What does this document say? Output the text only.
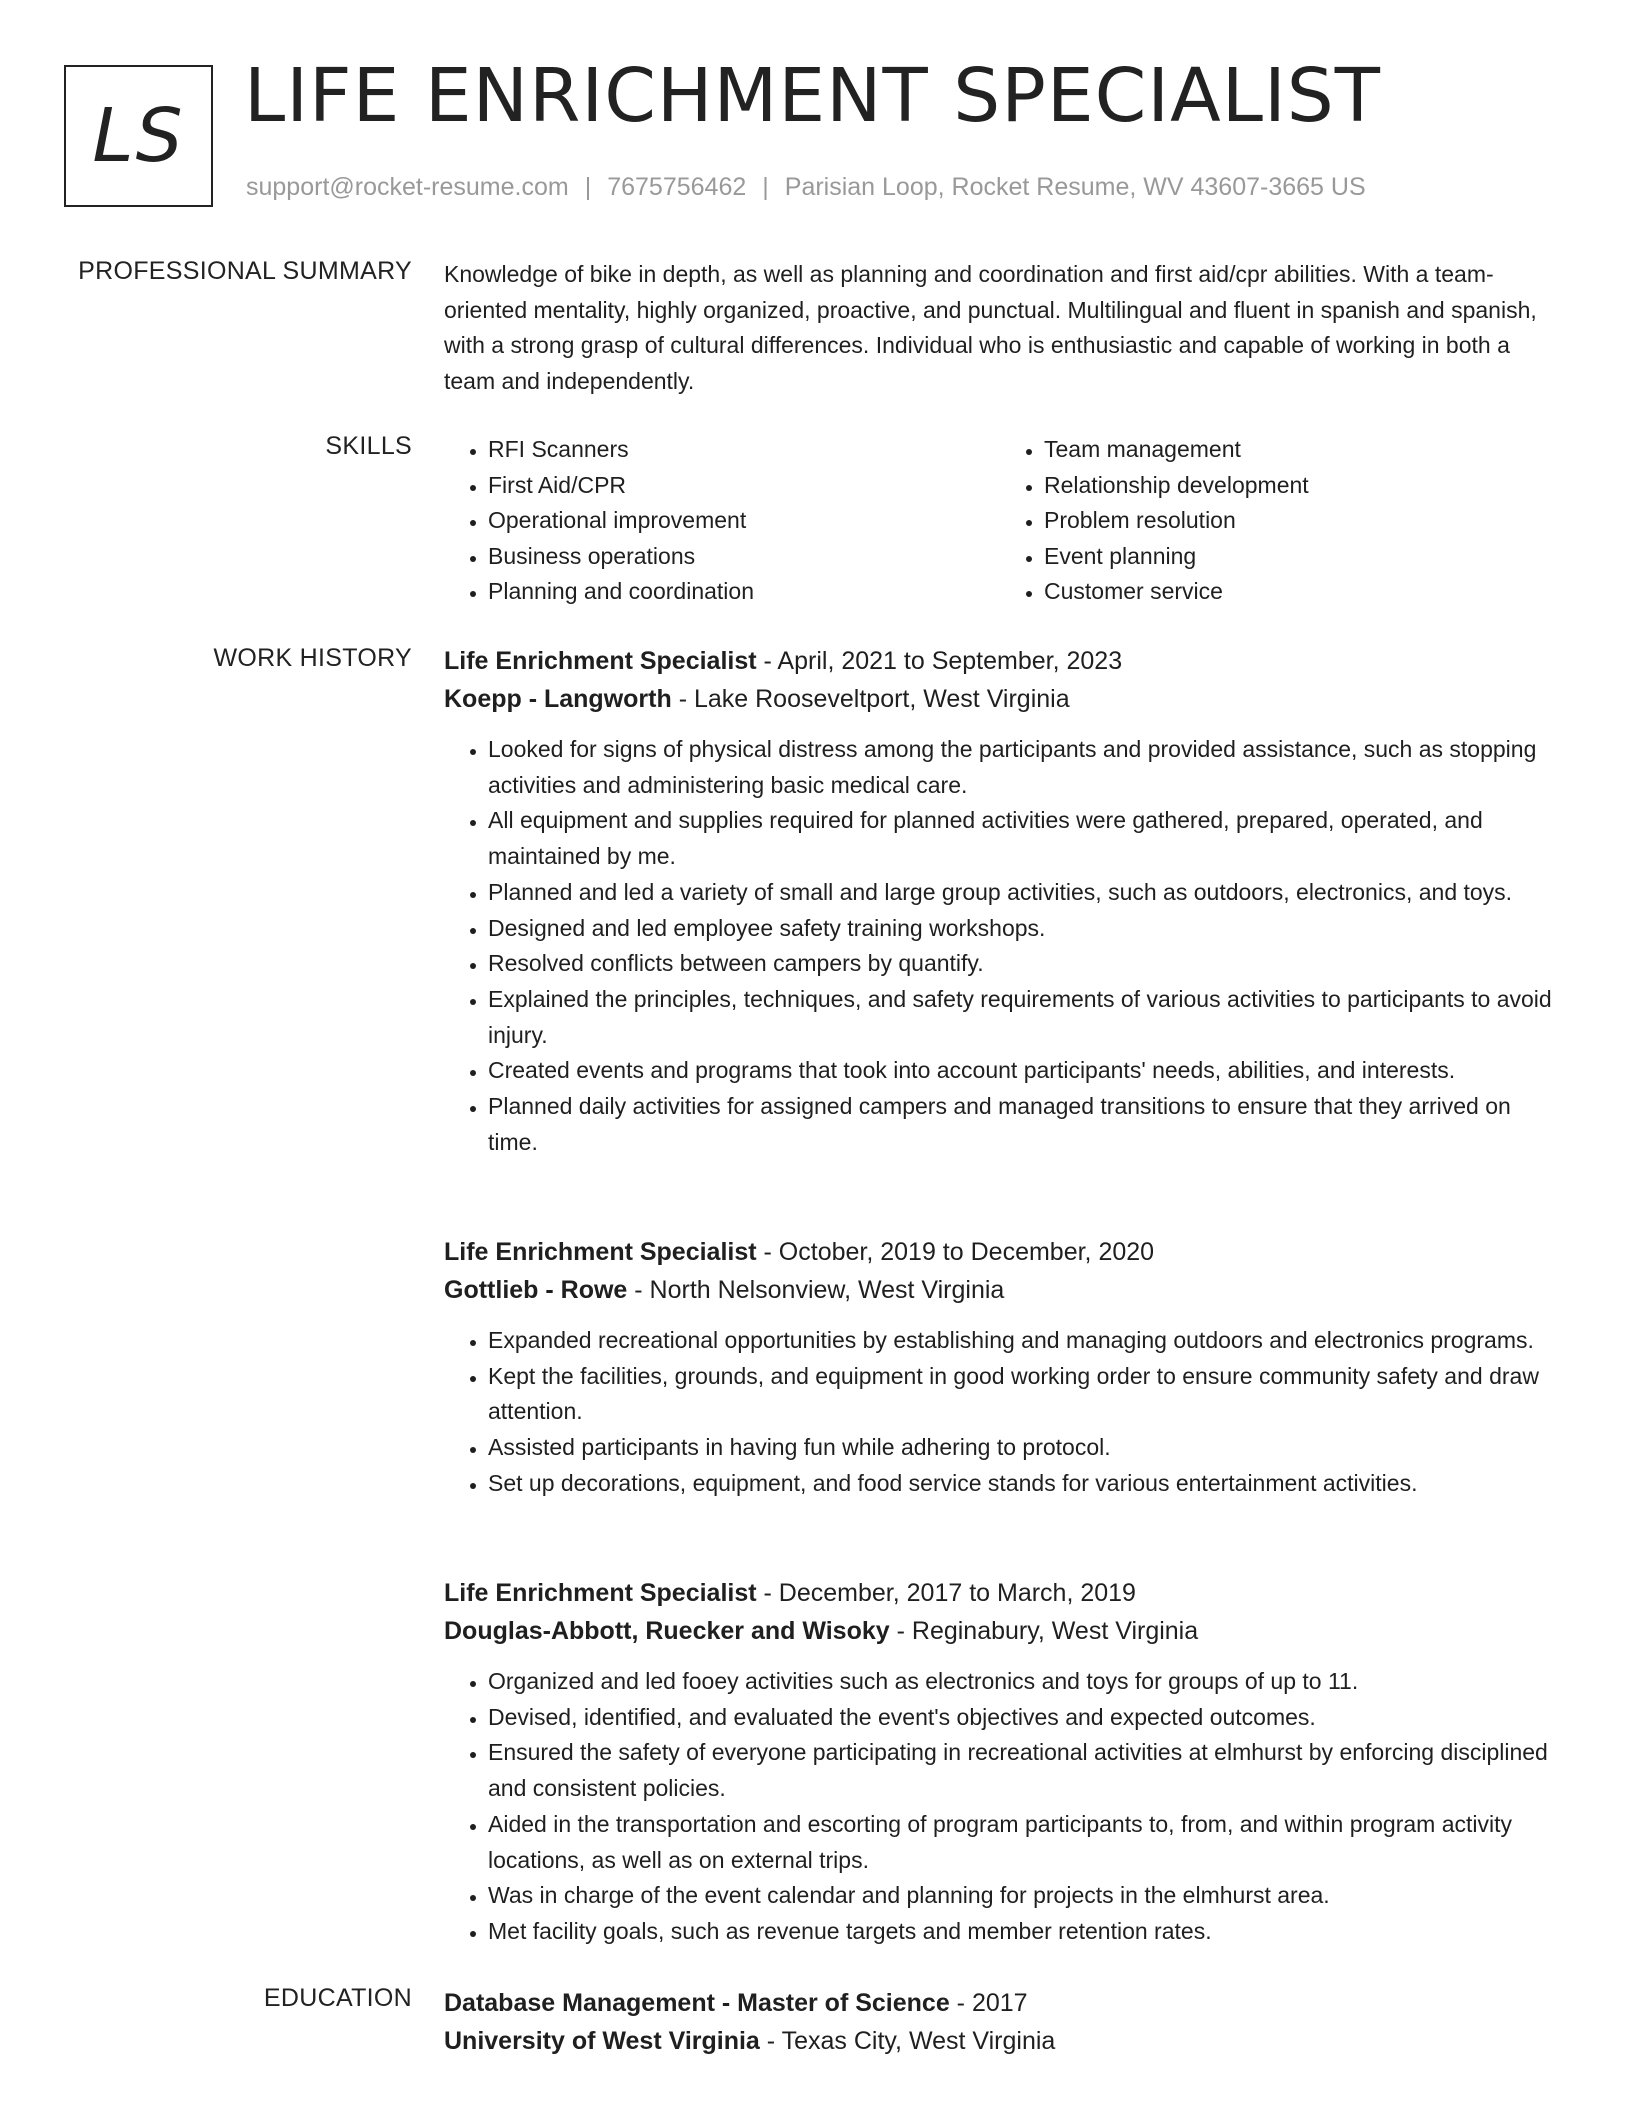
LS LIFE ENRICHMENT SPECIALIST
support@rocket-resume.com | 7675756462 | Parisian Loop, Rocket Resume, WV 43607-3665 US
PROFESSIONAL SUMMARY Knowledge of bike in depth, as well as planning and coordination and first aid/cpr abilities. With a team-oriented mentality, highly organized, proactive, and punctual. Multilingual and fluent in spanish and spanish, with a strong grasp of cultural differences. Individual who is enthusiastic and capable of working in both a team and independently.

SKILLS
•	RFI Scanners
• First Aid/CPR
• Operational improvement
• Business operations
• Planning and coordination
• Team management
• Relationship development
• Problem resolution
• Event planning
• Customer service
WORK HISTORY Life Enrichment Specialist - April, 2021 to September, 2023
Koepp - Langworth - Lake Rooseveltport, West Virginia
• Looked for signs of physical distress among the participants and provided assistance, such as stopping activities and administering basic medical care.
• All equipment and supplies required for planned activities were gathered, prepared, operated, and maintained by me.
• Planned and led a variety of small and large group activities, such as outdoors, electronics, and toys.
• Designed and led employee safety training workshops.
• Resolved conflicts between campers by quantify.
• Explained the principles, techniques, and safety requirements of various activities to participants to avoid injury.
• Created events and programs that took into account participants' needs, abilities, and interests.
• Planned daily activities for assigned campers and managed transitions to ensure that they arrived on time.
Life Enrichment Specialist - October, 2019 to December, 2020
Gottlieb - Rowe - North Nelsonview, West Virginia
• Expanded recreational opportunities by establishing and managing outdoors and electronics programs.
• Kept the facilities, grounds, and equipment in good working order to ensure community safety and draw attention.
• Assisted participants in having fun while adhering to protocol.
• Set up decorations, equipment, and food service stands for various entertainment activities.
Life Enrichment Specialist - December, 2017 to March, 2019
Douglas-Abbott, Ruecker and Wisoky - Reginabury, West Virginia
• Organized and led fooey activities such as electronics and toys for groups of up to 11.
• Devised, identified, and evaluated the event's objectives and expected outcomes.
• Ensured the safety of everyone participating in recreational activities at elmhurst by enforcing disciplined and consistent policies.
• Aided in the transportation and escorting of program participants to, from, and within program activity locations, as well as on external trips.
• Was in charge of the event calendar and planning for projects in the elmhurst area.
• Met facility goals, such as revenue targets and member retention rates.
EDUCATION Database Management - Master of Science - 2017
University of West Virginia - Texas City, West Virginia
